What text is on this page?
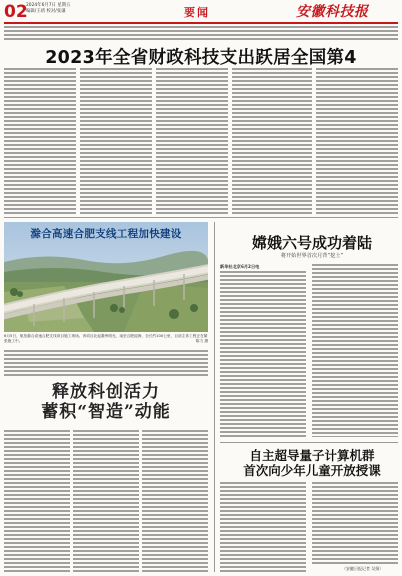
02
2024年6月7日 星期五
编辑/王靖 校对/张谦	要闻	安徽科技报
2023年全省财政科技支出跃居全国第4
滁合高速合肥支线工程加快建设
6月5日，航拍滁合高速合肥支线项目施工现场。该项目北起滁州明光，南至合肥瑶海，全长约100公里，目前主体工程正在紧张施工中。	陈力 摄
释放科创活力
蓄积“智造”动能
嫦娥六号成功着陆
将开始世界首次月背“挖土”
新华社北京6月2日电
自主超导量子计算机群
首次向少年儿童开放授课
（安徽日报记者 吴娟）
